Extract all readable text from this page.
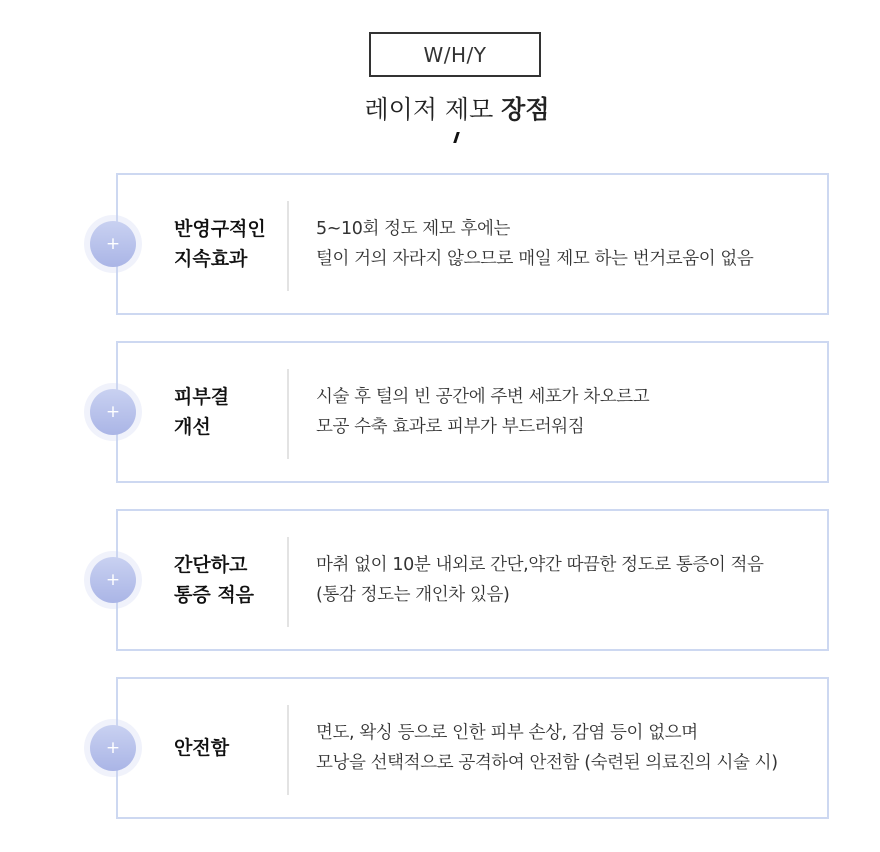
W/H/Y
레이저 제모 장점
반영구적인
지속효과
5~10회 정도 제모 후에는
털이 거의 자라지 않으므로 매일 제모 하는 번거로움이 없음
+
피부결
개선
시술 후 털의 빈 공간에 주변 세포가 차오르고
모공 수축 효과로 피부가 부드러워짐
+
간단하고
통증 적음
마취 없이 10분 내외로 간단,약간 따끔한 정도로 통증이 적음
(통감 정도는 개인차 있음)
+
안전함
면도, 왁싱 등으로 인한 피부 손상, 감염 등이 없으며
모낭을 선택적으로 공격하여 안전함 (숙련된 의료진의 시술 시)
+
